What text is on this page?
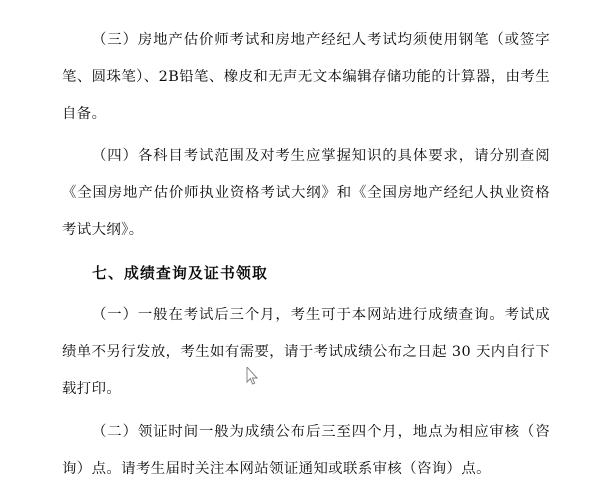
（三）房地产估价师考试和房地产经纪人考试均须使用钢笔（或签字笔、圆珠笔）、2B铅笔、橡皮和无声无文本编辑存储功能的计算器，由考生自备。

（四）各科目考试范围及对考生应掌握知识的具体要求，请分别查阅《全国房地产估价师执业资格考试大纲》和《全国房地产经纪人执业资格考试大纲》。

七、成绩查询及证书领取

（一）一般在考试后三个月，考生可于本网站进行成绩查询。考试成绩单不另行发放，考生如有需要，请于考试成绩公布之日起 30 天内自行下载打印。

（二）领证时间一般为成绩公布后三至四个月，地点为相应审核（咨询）点。请考生届时关注本网站领证通知或联系审核（咨询）点。
